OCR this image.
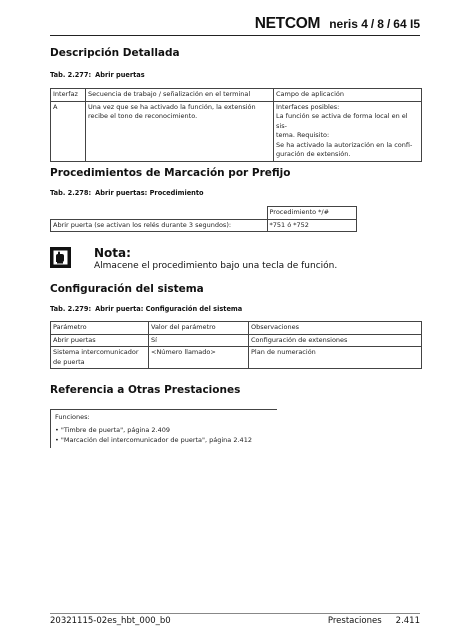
NETCOM neris 4 / 8 / 64 I5
Descripción Detallada
Tab. 2.277: Abrir puertas
Interfaz	Secuencia de trabajo / señalización en el terminal	Campo de aplicación
A	Una vez que se ha activado la función, la extensión recibe el tono de reconocimiento.	Interfaces posibles:
La función se activa de forma local en el sis-
tema. Requisito:
Se ha activado la autorización en la confi-
guración de extensión.
Procedimientos de Marcación por Prefijo
Tab. 2.278: Abrir puertas: Procedimiento
	Procedimiento */#
Abrir puerta (se activan los relés durante 3 segundos):	*751 ó *752
Nota:
Almacene el procedimiento bajo una tecla de función.
Configuración del sistema
Tab. 2.279: Abrir puerta: Configuración del sistema
Parámetro	Valor del parámetro	Observaciones
Abrir puertas	Sí	Configuración de extensiones

Sistema intercomunicador
de puerta	<Número llamado>	Plan de numeración
Referencia a Otras Prestaciones
Funciones:
• "Timbre de puerta", página 2.409
• "Marcación del intercomunicador de puerta", página 2.412
20321115-02es_hbt_000_b0	Prestaciones 2.411
